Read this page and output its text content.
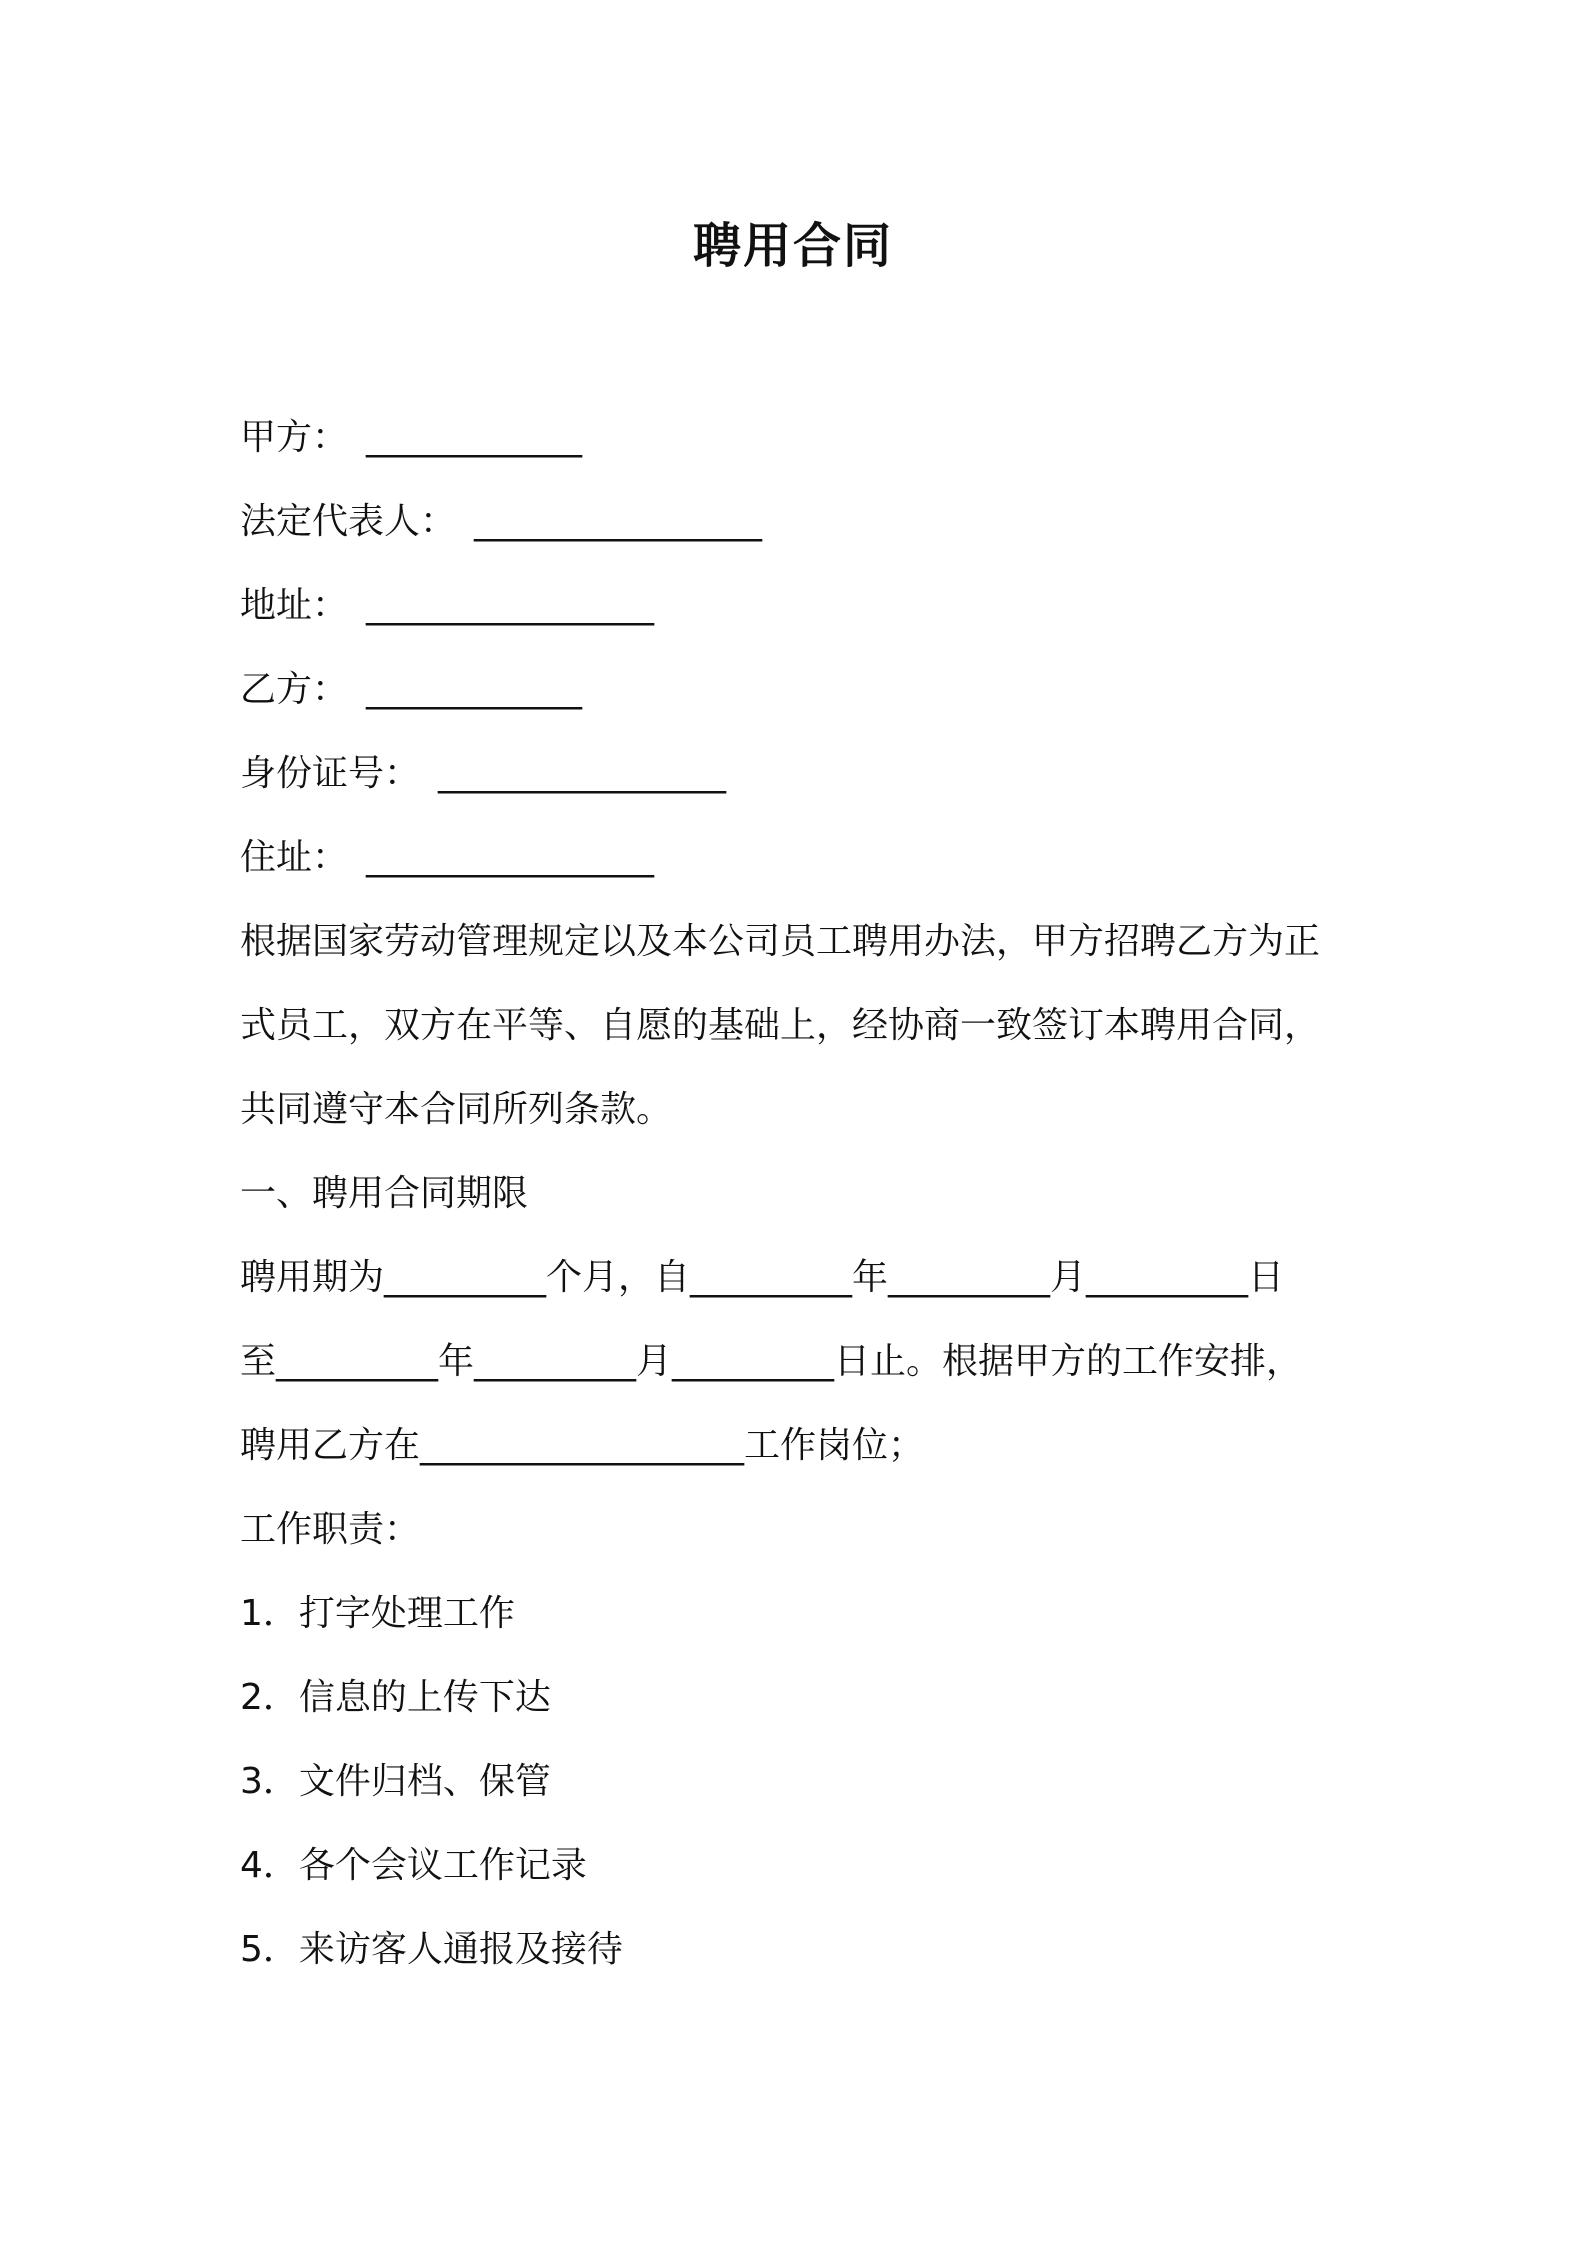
聘用合同
甲方： ____________
法定代表人： ________________
地址： ________________
乙方： ____________
身份证号： ________________
住址： ________________
根据国家劳动管理规定以及本公司员工聘用办法，甲方招聘乙方为正
式员工，双方在平等、自愿的基础上，经协商一致签订本聘用合同，
共同遵守本合同所列条款。
一、聘用合同期限
聘用期为_________个月，自_________年_________月_________日
至_________年_________月_________日止。根据甲方的工作安排，
聘用乙方在__________________工作岗位；
工作职责：
1．打字处理工作
2．信息的上传下达
3．文件归档、保管
4．各个会议工作记录
5．来访客人通报及接待
